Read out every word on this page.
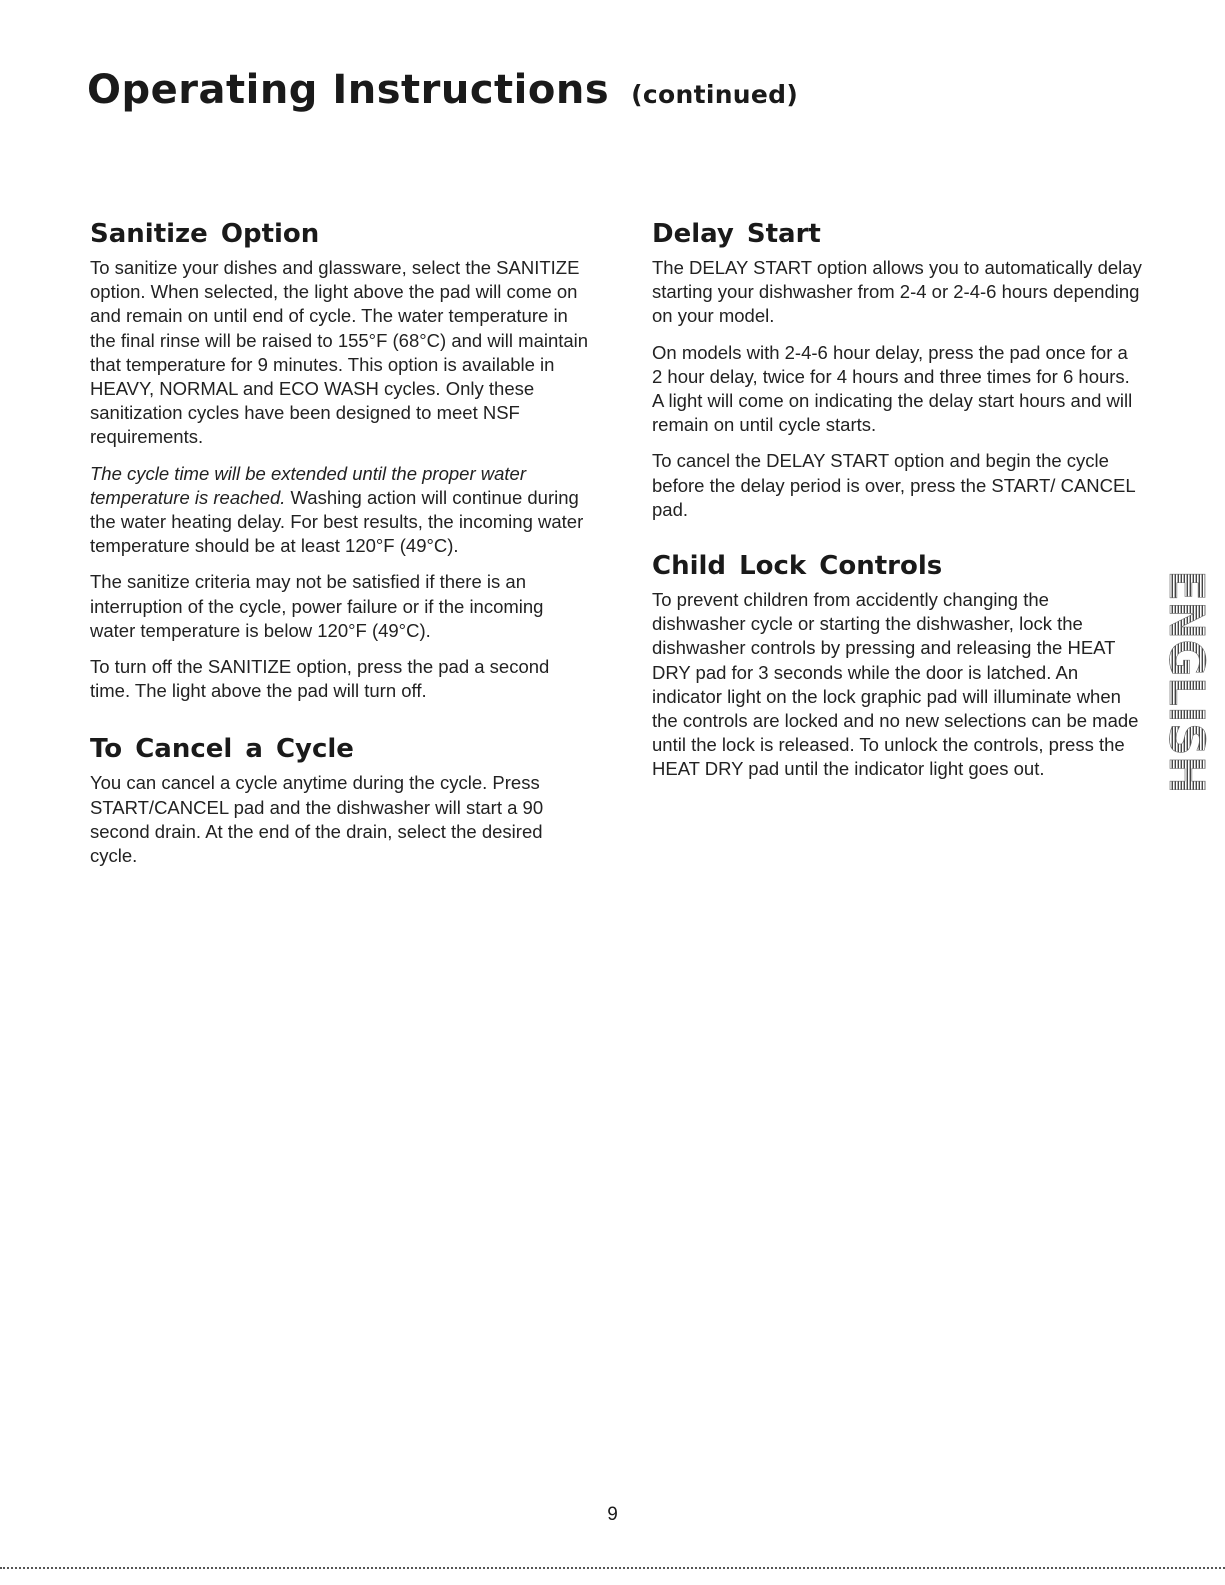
Operating Instructions (continued)
Sanitize Option

To sanitize your dishes and glassware, select the SANITIZE option. When selected, the light above the pad will come on and remain on until end of cycle. The water temperature in the final rinse will be raised to 155°F (68°C) and will maintain that temperature for 9 minutes. This option is available in HEAVY, NORMAL and ECO WASH cycles. Only these sanitization cycles have been designed to meet NSF requirements.

The cycle time will be extended until the proper water temperature is reached. Washing action will continue during the water heating delay. For best results, the incoming water temperature should be at least 120°F (49°C).

The sanitize criteria may not be satisfied if there is an interruption of the cycle, power failure or if the incoming water temperature is below 120°F (49°C).

To turn off the SANITIZE option, press the pad a second time. The light above the pad will turn off.

To Cancel a Cycle

You can cancel a cycle anytime during the cycle. Press START/CANCEL pad and the dishwasher will start a 90 second drain. At the end of the drain, select the desired cycle.

Delay Start

The DELAY START option allows you to automatically delay starting your dishwasher from 2-4 or 2-4-6 hours depending on your model.

On models with 2-4-6 hour delay, press the pad once for a 2 hour delay, twice for 4 hours and three times for 6 hours. A light will come on indicating the delay start hours and will remain on until cycle starts.

To cancel the DELAY START option and begin the cycle before the delay period is over, press the START/ CANCEL pad.

Child Lock Controls

To prevent children from accidently changing the dishwasher cycle or starting the dishwasher, lock the dishwasher controls by pressing and releasing the HEAT DRY pad for 3 seconds while the door is latched. An indicator light on the lock graphic pad will illuminate when the controls are locked and no new selections can be made until the lock is released. To unlock the controls, press the HEAT DRY pad until the indicator light goes out.	ENGLISH
9
